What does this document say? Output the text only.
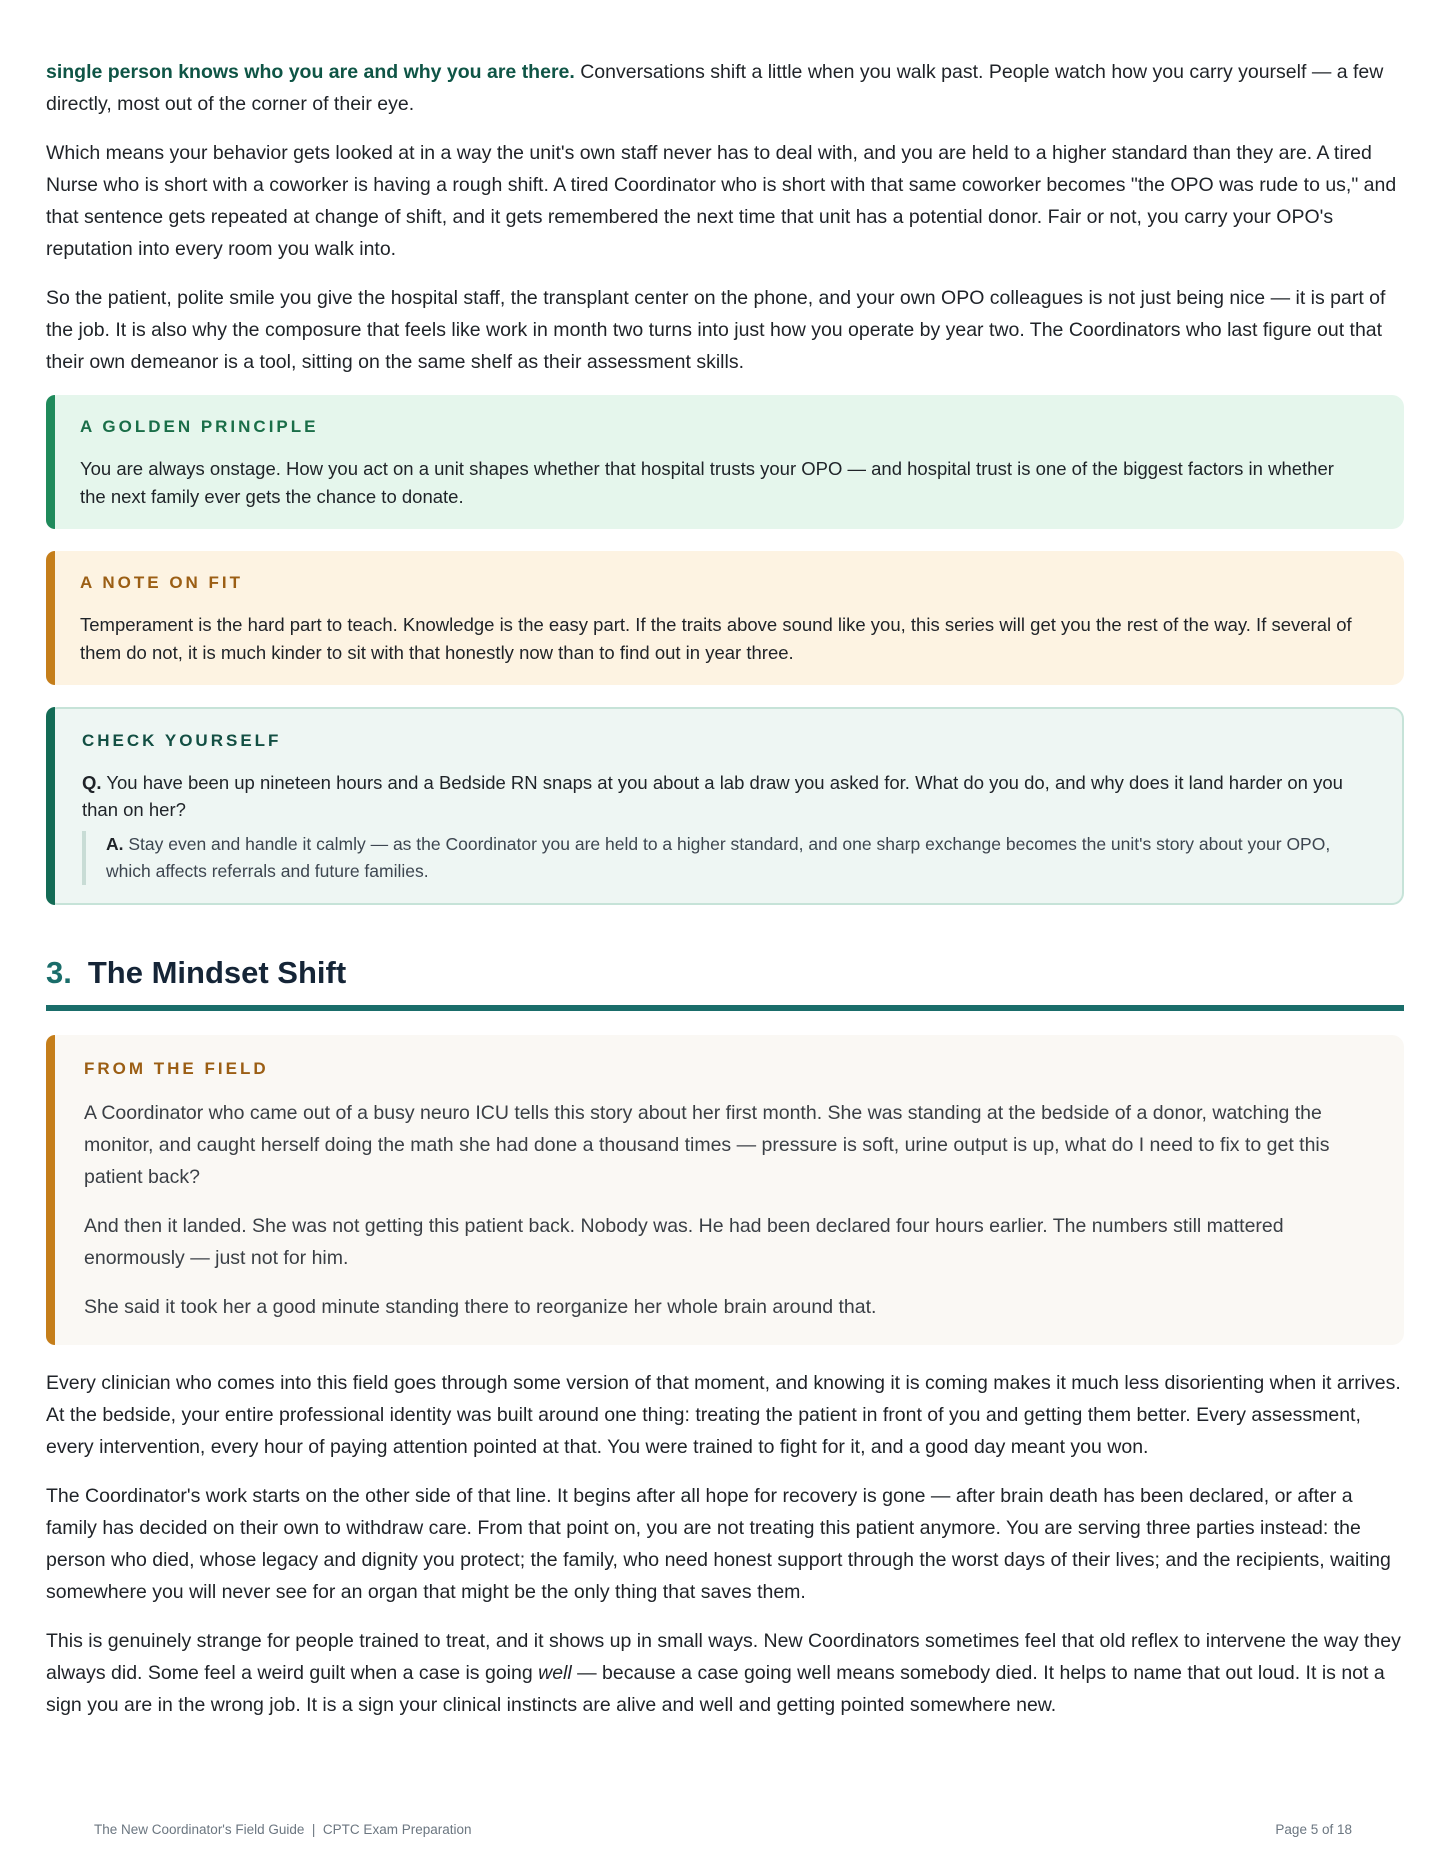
single person knows who you are and why you are there. Conversations shift a little when you walk past. People watch how you carry yourself — a few directly, most out of the corner of their eye.

Which means your behavior gets looked at in a way the unit's own staff never has to deal with, and you are held to a higher standard than they are. A tired Nurse who is short with a coworker is having a rough shift. A tired Coordinator who is short with that same coworker becomes "the OPO was rude to us," and that sentence gets repeated at change of shift, and it gets remembered the next time that unit has a potential donor. Fair or not, you carry your OPO's reputation into every room you walk into.

So the patient, polite smile you give the hospital staff, the transplant center on the phone, and your own OPO colleagues is not just being nice — it is part of the job. It is also why the composure that feels like work in month two turns into just how you operate by year two. The Coordinators who last figure out that their own demeanor is a tool, sitting on the same shelf as their assessment skills.

A GOLDEN PRINCIPLE

You are always onstage. How you act on a unit shapes whether that hospital trusts your OPO — and hospital trust is one of the biggest factors in whether the next family ever gets the chance to donate.

A NOTE ON FIT

Temperament is the hard part to teach. Knowledge is the easy part. If the traits above sound like you, this series will get you the rest of the way. If several of them do not, it is much kinder to sit with that honestly now than to find out in year three.

CHECK YOURSELF

Q. You have been up nineteen hours and a Bedside RN snaps at you about a lab draw you asked for. What do you do, and why does it land harder on you than on her?

A. Stay even and handle it calmly — as the Coordinator you are held to a higher standard, and one sharp exchange becomes the unit's story about your OPO, which affects referrals and future families.
3. The Mindset Shift
FROM THE FIELD

A Coordinator who came out of a busy neuro ICU tells this story about her first month. She was standing at the bedside of a donor, watching the monitor, and caught herself doing the math she had done a thousand times — pressure is soft, urine output is up, what do I need to fix to get this patient back?

And then it landed. She was not getting this patient back. Nobody was. He had been declared four hours earlier. The numbers still mattered enormously — just not for him.

She said it took her a good minute standing there to reorganize her whole brain around that.

Every clinician who comes into this field goes through some version of that moment, and knowing it is coming makes it much less disorienting when it arrives. At the bedside, your entire professional identity was built around one thing: treating the patient in front of you and getting them better. Every assessment, every intervention, every hour of paying attention pointed at that. You were trained to fight for it, and a good day meant you won.

The Coordinator's work starts on the other side of that line. It begins after all hope for recovery is gone — after brain death has been declared, or after a family has decided on their own to withdraw care. From that point on, you are not treating this patient anymore. You are serving three parties instead: the person who died, whose legacy and dignity you protect; the family, who need honest support through the worst days of their lives; and the recipients, waiting somewhere you will never see for an organ that might be the only thing that saves them.

This is genuinely strange for people trained to treat, and it shows up in small ways. New Coordinators sometimes feel that old reflex to intervene the way they always did. Some feel a weird guilt when a case is going well — because a case going well means somebody died. It helps to name that out loud. It is not a sign you are in the wrong job. It is a sign your clinical instincts are alive and well and getting pointed somewhere new.

The New Coordinator's Field Guide  |  CPTC Exam Preparation	Page 5 of 18
